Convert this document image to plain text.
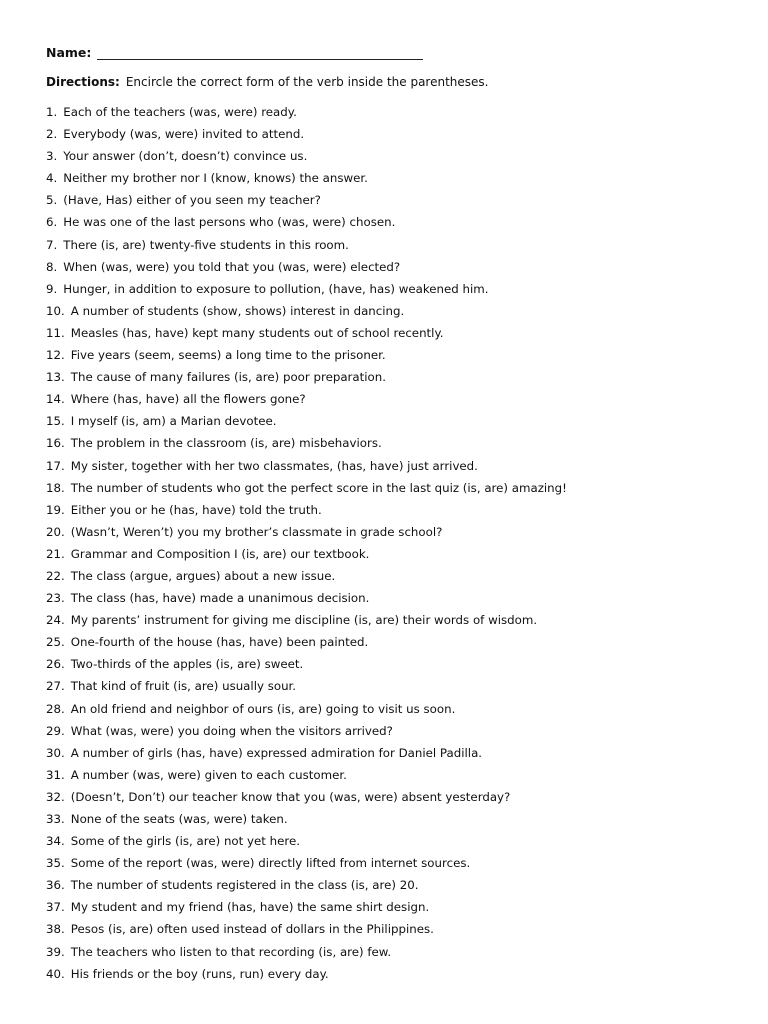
Name:
Directions: Encircle the correct form of the verb inside the parentheses.
1. Each of the teachers (was, were) ready.
2. Everybody (was, were) invited to attend.
3. Your answer (don’t, doesn’t) convince us.
4. Neither my brother nor I (know, knows) the answer.
5. (Have, Has) either of you seen my teacher?
6. He was one of the last persons who (was, were) chosen.
7. There (is, are) twenty-five students in this room.
8. When (was, were) you told that you (was, were) elected?
9. Hunger, in addition to exposure to pollution, (have, has) weakened him.
10. A number of students (show, shows) interest in dancing.
11. Measles (has, have) kept many students out of school recently.
12. Five years (seem, seems) a long time to the prisoner.
13. The cause of many failures (is, are) poor preparation.
14. Where (has, have) all the flowers gone?
15. I myself (is, am) a Marian devotee.
16. The problem in the classroom (is, are) misbehaviors.
17. My sister, together with her two classmates, (has, have) just arrived.
18. The number of students who got the perfect score in the last quiz (is, are) amazing!
19. Either you or he (has, have) told the truth.
20. (Wasn’t, Weren’t) you my brother’s classmate in grade school?
21. Grammar and Composition I (is, are) our textbook.
22. The class (argue, argues) about a new issue.
23. The class (has, have) made a unanimous decision.
24. My parents’ instrument for giving me discipline (is, are) their words of wisdom.
25. One-fourth of the house (has, have) been painted.
26. Two-thirds of the apples (is, are) sweet.
27. That kind of fruit (is, are) usually sour.
28. An old friend and neighbor of ours (is, are) going to visit us soon.
29. What (was, were) you doing when the visitors arrived?
30. A number of girls (has, have) expressed admiration for Daniel Padilla.
31. A number (was, were) given to each customer.
32. (Doesn’t, Don’t) our teacher know that you (was, were) absent yesterday?
33. None of the seats (was, were) taken.
34. Some of the girls (is, are) not yet here.
35. Some of the report (was, were) directly lifted from internet sources.
36. The number of students registered in the class (is, are) 20.
37. My student and my friend (has, have) the same shirt design.
38. Pesos (is, are) often used instead of dollars in the Philippines.
39. The teachers who listen to that recording (is, are) few.
40. His friends or the boy (runs, run) every day.
